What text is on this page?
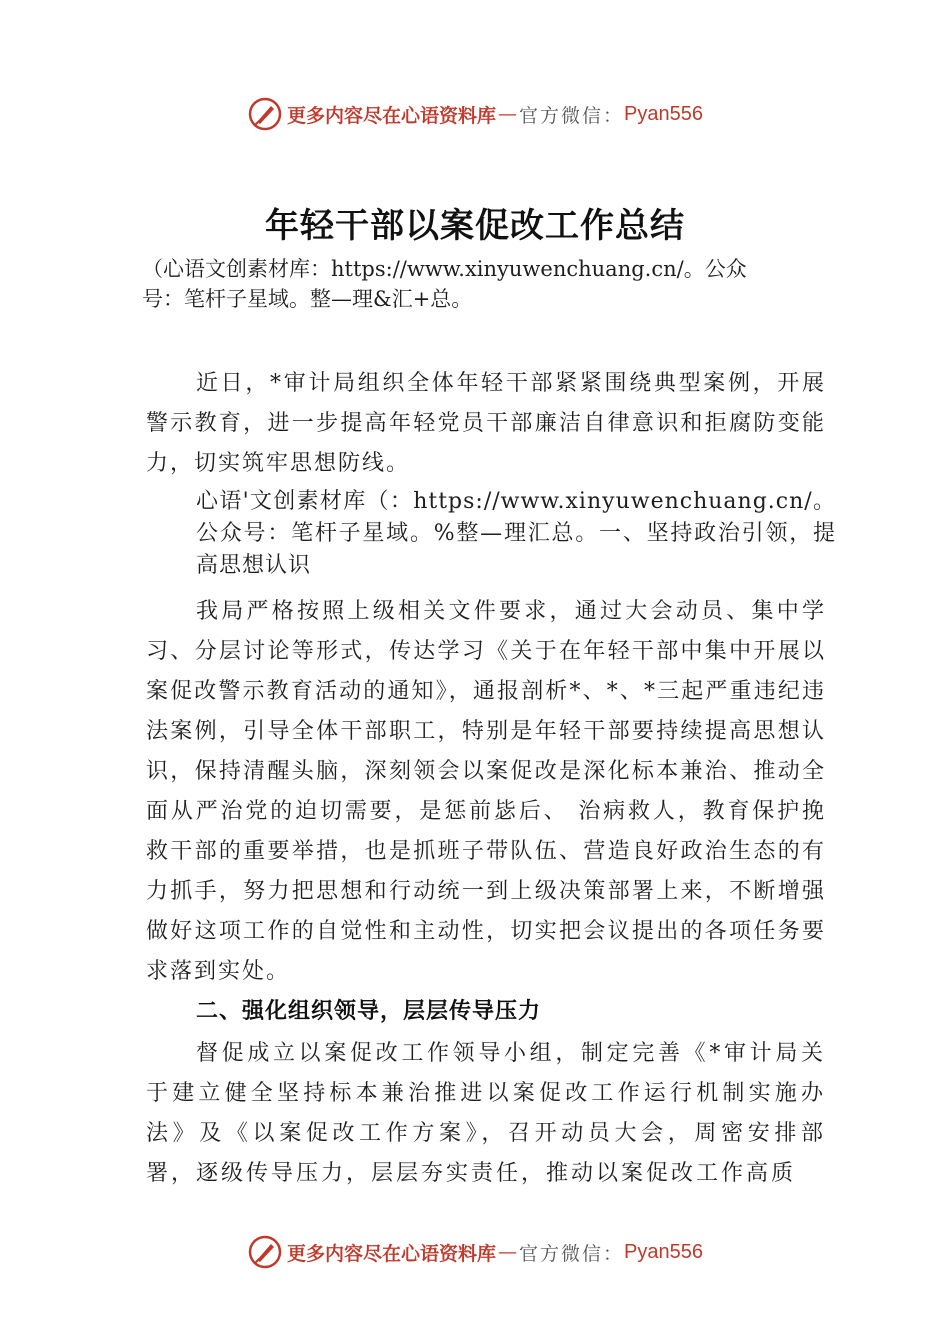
更多内容尽在心语资料库 — 官方微信： Pyan556
年轻干部以案促改工作总结

（心语文创素材库：https://www.xinyuwenchuang.cn/。公众

号：笔杆子星域。整—理&汇+总。

近日，*审计局组织全体年轻干部紧紧围绕典型案例，开展警示教育，进一步提高年轻党员干部廉洁自律意识和拒腐防变能力，切实筑牢思想防线。

心语'文创素材库（：https://www.xinyuwenchuang.cn/。公众号：笔杆子星域。%整—理汇总。一、坚持政治引领，提高思想认识

我局严格按照上级相关文件要求，通过大会动员、集中学习、分层讨论等形式，传达学习《关于在年轻干部中集中开展以案促改警示教育活动的通知》，通报剖析*、*、*三起严重违纪违法案例，引导全体干部职工，特别是年轻干部要持续提高思想认识，保持清醒头脑，深刻领会以案促改是深化标本兼治、推动全面从严治党的迫切需要，是惩前毖后、 治病救人，教育保护挽救干部的重要举措，也是抓班子带队伍、营造良好政治生态的有力抓手，努力把思想和行动统一到上级决策部署上来，不断增强做好这项工作的自觉性和主动性，切实把会议提出的各项任务要求落到实处。

二、强化组织领导，层层传导压力

督促成立以案促改工作领导小组，制定完善《*审计局关于建立健全坚持标本兼治推进以案促改工作运行机制实施办法》及《以案促改工作方案》，召开动员大会，周密安排部署，逐级传导压力，层层夯实责任，推动以案促改工作高质

更多内容尽在心语资料库 — 官方微信： Pyan556
